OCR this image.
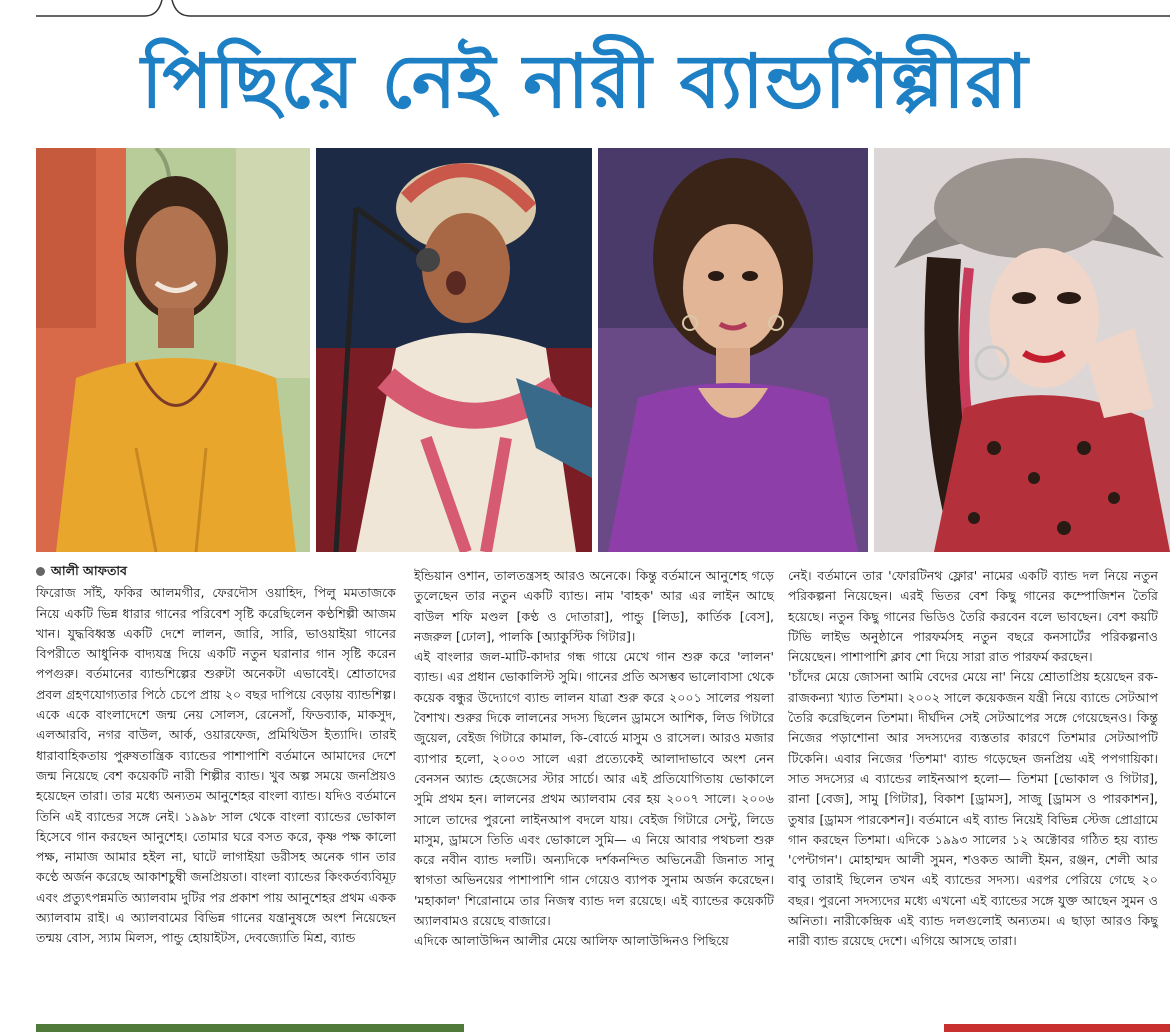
পিছিয়ে নেই নারী ব্যান্ডশিল্পীরা
আলী আফতাব

ফিরোজ সাঁই, ফকির আলমগীর, ফেরদৌস ওয়াহিদ, পিলু মমতাজকে নিয়ে একটি ভিন্ন ধারার গানের পরিবেশ সৃষ্টি করেছিলেন কণ্ঠশিল্পী আজম খান। যুদ্ধবিধ্বস্ত একটি দেশে লালন, জারি, সারি, ভাওয়াইয়া গানের বিপরীতে আধুনিক বাদ্যযন্ত্র দিয়ে একটি নতুন ঘরানার গান সৃষ্টি করেন পপগুরু। বর্তমানের ব্যান্ডশিল্পের শুরুটা অনেকটা এভাবেই। শ্রোতাদের প্রবল গ্রহণযোগ্যতার পিঠে চেপে প্রায় ২০ বছর দাপিয়ে বেড়ায় ব্যান্ডশিল্প। একে একে বাংলাদেশে জন্ম নেয় সোলস, রেনেসাঁ, ফিডব্যাক, মাকসুদ, এলআরবি, নগর বাউল, আর্ক, ওয়ারফেজ, প্রমিথিউস ইত্যাদি। তারই ধারাবাহিকতায় পুরুষতান্ত্রিক ব্যান্ডের পাশাপাশি বর্তমানে আমাদের দেশে জন্ম নিয়েছে বেশ কয়েকটি নারী শিল্পীর ব্যান্ড। খুব অল্প সময়ে জনপ্রিয়ও হয়েছেন তারা। তার মধ্যে অন্যতম আনুশেহর বাংলা ব্যান্ড। যদিও বর্তমানে তিনি এই ব্যান্ডের সঙ্গে নেই। ১৯৯৮ সাল থেকে বাংলা ব্যান্ডের ভোকাল হিসেবে গান করছেন আনুশেহ। তোমার ঘরে বসত করে, কৃষ্ণ পক্ষ কালো পক্ষ, নামাজ আমার হইল না, ঘাটে লাগাইয়া ডরীসহ অনেক গান তার কণ্ঠে অর্জন করেছে আকাশচুম্বী জনপ্রিয়তা। বাংলা ব্যান্ডের কিংকর্তব্যবিমূঢ় এবং প্রত্যুৎপন্নমতি অ্যালবাম দুটির পর প্রকাশ পায় আনুশেহর প্রথম একক অ্যালবাম রাই। এ অ্যালবামের বিভিন্ন গানের যন্ত্রানুষঙ্গে অংশ নিয়েছেন তন্ময় বোস, স্যাম মিলস, পান্ডু হোয়াইটস, দেবজ্যোতি মিশ্র, ব্যান্ড

ইন্ডিয়ান ওশান, তালতন্ত্রসহ আরও অনেকে। কিন্তু বর্তমানে আনুশেহ গড়ে তুলেছেন তার নতুন একটি ব্যান্ড। নাম 'বাহক' আর এর লাইন আছে বাউল শফি মণ্ডল [কণ্ঠ ও দোতারা], পান্ডু [লিড], কার্তিক [বেস], নজরুল [ঢোল], পালকি [অ্যাকুস্টিক গিটার]।

এই বাংলার জল-মাটি-কাদার গন্ধ গায়ে মেখে গান শুরু করে 'লালন' ব্যান্ড। এর প্রধান ভোকালিস্ট সুমি। গানের প্রতি অসম্ভব ভালোবাসা থেকে কয়েক বন্ধুর উদ্যোগে ব্যান্ড লালন যাত্রা শুরু করে ২০০১ সালের পয়লা বৈশাখ। শুরুর দিকে লালনের সদস্য ছিলেন ড্রামসে আশিক, লিড গিটারে জুয়েল, বেইজ গিটারে কামাল, কি-বোর্ডে মাসুম ও রাসেল। আরও মজার ব্যাপার হলো, ২০০৩ সালে এরা প্রত্যেকেই আলাদাভাবে অংশ নেন বেনসন অ্যান্ড হেজেসের স্টার সার্চে। আর এই প্রতিযোগিতায় ভোকালে সুমি প্রথম হন। লালনের প্রথম অ্যালবাম বের হয় ২০০৭ সালে। ২০০৬ সালে তাদের পুরনো লাইনআপ বদলে যায়। বেইজ গিটারে সেন্টু, লিডে মাসুম, ড্রামসে তিতি এবং ভোকালে সুমি— এ নিয়ে আবার পথচলা শুরু করে নবীন ব্যান্ড দলটি। অন্যদিকে দর্শকনন্দিত অভিনেত্রী জিনাত সানু স্বাগতা অভিনয়ের পাশাপাশি গান গেয়েও ব্যাপক সুনাম অর্জন করেছেন। 'মহাকাল' শিরোনামে তার নিজস্ব ব্যান্ড দল রয়েছে। এই ব্যান্ডের কয়েকটি অ্যালবামও রয়েছে বাজারে।

এদিকে আলাউদ্দিন আলীর মেয়ে আলিফ আলাউদ্দিনও পিছিয়ে

নেই। বর্তমানে তার 'ফোরটিনথ ফ্লোর' নামের একটি ব্যান্ড দল নিয়ে নতুন পরিকল্পনা নিয়েছেন। এরই ভিতর বেশ কিছু গানের কম্পোজিশন তৈরি হয়েছে। নতুন কিছু গানের ভিডিও তৈরি করবেন বলে ভাবছেন। বেশ কয়টি টিভি লাইভ অনুষ্ঠানে পারফর্মসহ নতুন বছরে কনসার্টের পরিকল্পনাও নিয়েছেন। পাশাপাশি ক্লাব শো দিয়ে সারা রাত পারফর্ম করছেন।

'চাঁদের মেয়ে জোসনা আমি বেদের মেয়ে না' নিয়ে শ্রোতাপ্রিয় হয়েছেন রক-রাজকন্যা খ্যাত তিশমা। ২০০২ সালে কয়েকজন যন্ত্রী নিয়ে ব্যান্ডে সেটআপ তৈরি করেছিলেন তিশমা। দীর্ঘদিন সেই সেটআপের সঙ্গে গেয়েছেনও। কিন্তু নিজের পড়াশোনা আর সদস্যদের ব্যস্ততার কারণে তিশমার সেটআপটি টিকেনি। এবার নিজের 'তিশমা' ব্যান্ড গড়েছেন জনপ্রিয় এই পপগায়িকা। সাত সদস্যের এ ব্যান্ডের লাইনআপ হলো— তিশমা [ভোকাল ও গিটার], রানা [বেজ], সামু [গিটার], বিকাশ [ড্রামস], সাজু [ড্রামস ও পারকাশন], তুষার [ড্রামস পারকেশন]। বর্তমানে এই ব্যান্ড নিয়েই বিভিন্ন স্টেজ প্রোগ্রামে গান করছেন তিশমা। এদিকে ১৯৯৩ সালের ১২ অক্টোবর গঠিত হয় ব্যান্ড 'পেন্টাগন'। মোহাম্মদ আলী সুমন, শওকত আলী ইমন, রঞ্জন, শেলী আর বাবু তারাই ছিলেন তখন এই ব্যান্ডের সদস্য। এরপর পেরিয়ে গেছে ২০ বছর। পুরনো সদস্যদের মধ্যে এখনো এই ব্যান্ডের সঙ্গে যুক্ত আছেন সুমন ও অনিতা। নারীকেন্দ্রিক এই ব্যান্ড দলগুলোই অন্যতম। এ ছাড়া আরও কিছু নারী ব্যান্ড রয়েছে দেশে। এগিয়ে আসছে তারা।
